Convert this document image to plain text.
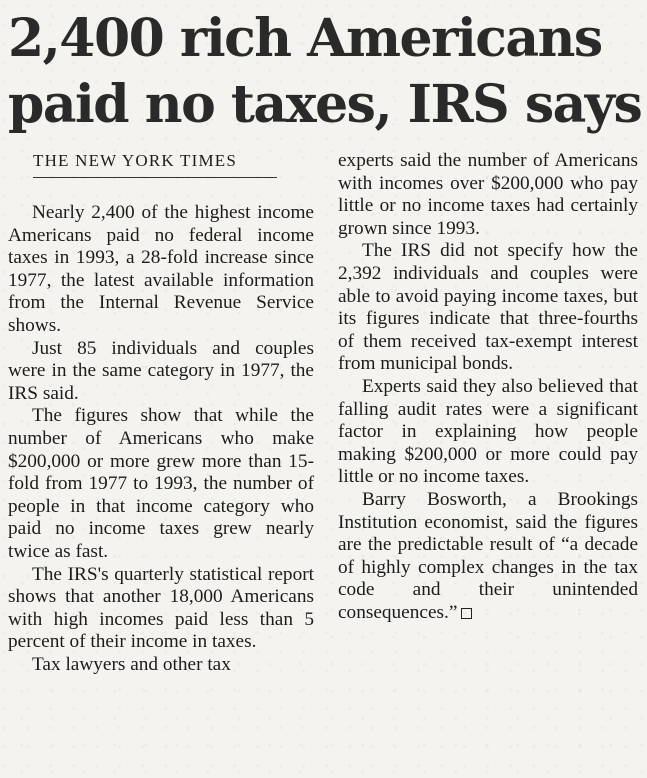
2,400 rich Americans
paid no taxes, IRS says
THE NEW YORK TIMES

Nearly 2,400 of the highest income Americans paid no federal income taxes in 1993, a 28-fold increase since 1977, the latest available information from the Internal Revenue Service shows.

Just 85 individuals and couples were in the same category in 1977, the IRS said.

The figures show that while the number of Americans who make $200,000 or more grew more than 15-fold from 1977 to 1993, the number of people in that income category who paid no income taxes grew nearly twice as fast.

The IRS's quarterly statistical report shows that another 18,000 Americans with high incomes paid less than 5 percent of their income in taxes.

Tax lawyers and other tax

experts said the number of Americans with incomes over $200,000 who pay little or no income taxes had certainly grown since 1993.

The IRS did not specify how the 2,392 individuals and couples were able to avoid paying income taxes, but its figures indicate that three-fourths of them received tax-exempt interest from municipal bonds.

Experts said they also believed that falling audit rates were a significant factor in explaining how people making $200,000 or more could pay little or no income taxes.

Barry Bosworth, a Brookings Institution economist, said the figures are the predictable result of “a decade of highly complex changes in the tax code and their unintended consequences.”
